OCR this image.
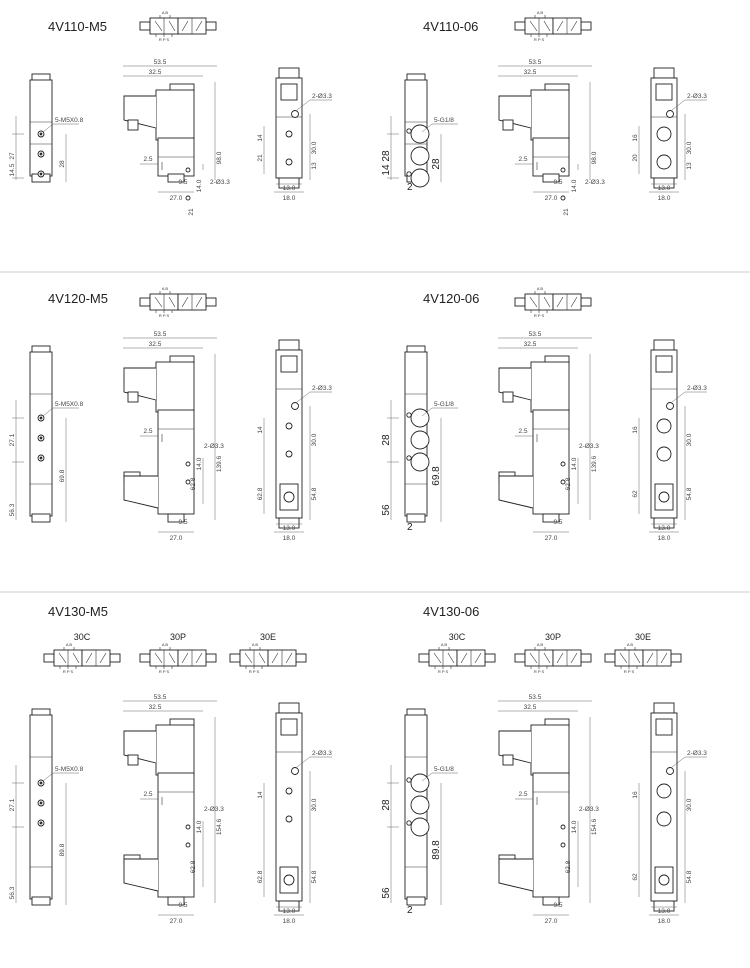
4V110-M5
A B
R P S
5-M5X0.8
27
14.5	28
53.5
32.5
2.5	98.0
14.0
21
9.5	2-Ø3.3
27.0
2-Ø3.3
14
30.0
21
13
13.0
18.0
4V110-06
A B
R P S
5-G1/8
28
14
28
2
53.5
32.5
2.5	98.0
14.0
21
9.5	2-Ø3.3
27.0
2-Ø3.3
16
30.0
20
13
13.0
18.0
4V120-M5
A B
R P S
5-M5X0.8
27.1
56.3
69.8
53.5
32.5
2.5
2-Ø3.3
14.0 139.6
62.8
9.5
27.0
2-Ø3.3
14
30.0
62.8	54.8
13.0
18.0
4V120-06
A B
R P S
5-G1/8
28
56
69.8
2
53.5
32.5
2.5
2-Ø3.3
14.0 139.6
62.8
9.5
27.0
2-Ø3.3
16
30.0
62	54.8
13.0
18.0
4V130-M5
A B
R P S
30C
A B
R P S
30P
A B
R P S
30E
5-M5X0.8
27.1
56.3
89.8
53.5
32.5
2.5
2-Ø3.3
14.0 154.6
62.8
9.5
27.0
2-Ø3.3
14
30.0
62.8	54.8
13.0
18.0
4V130-06
A B
R P S
30C
A B
R P S
30P
A B
R P S
30E
5-G1/8
28
56
89.8
2
53.5
32.5
2.5
2-Ø3.3
14.0 154.6
62.8
9.5
27.0
2-Ø3.3
16
30.0
62	54.8
13.0
18.0
